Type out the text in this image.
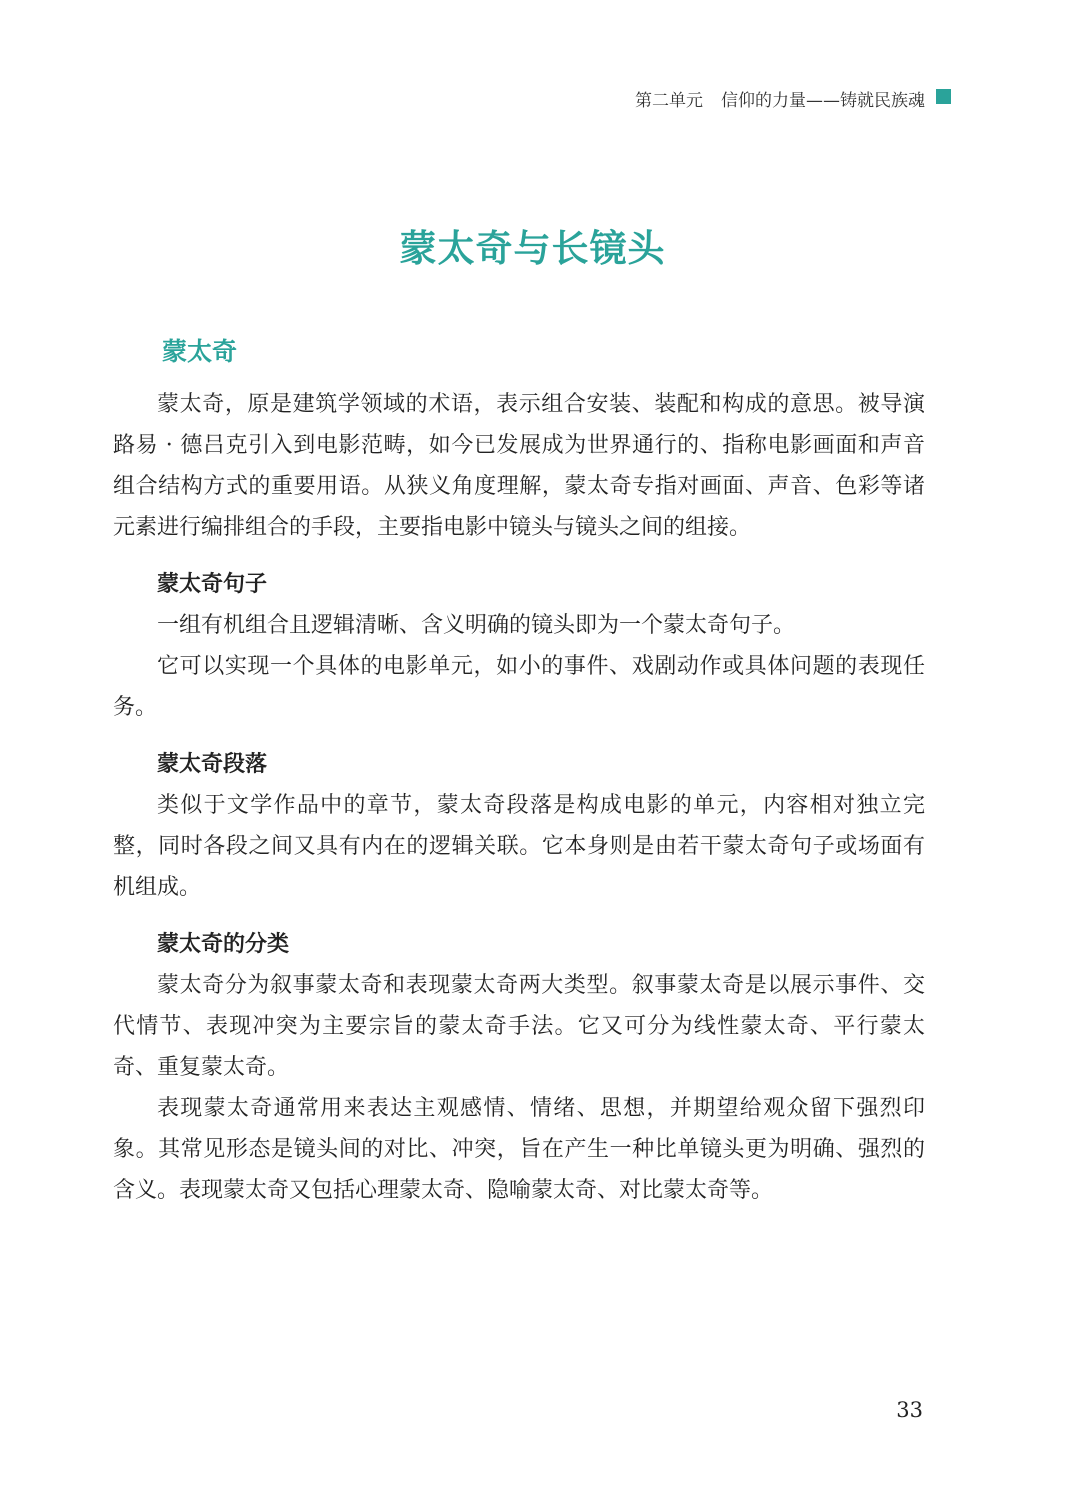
第二单元 信仰的力量——铸就民族魂
蒙太奇与长镜头
蒙太奇

蒙太奇，原是建筑学领域的术语，表示组合安装、装配和构成的意思。被导演路易 · 德吕克引入到电影范畴，如今已发展成为世界通行的、指称电影画面和声音组合结构方式的重要用语。从狭义角度理解，蒙太奇专指对画面、声音、色彩等诸元素进行编排组合的手段，主要指电影中镜头与镜头之间的组接。

蒙太奇句子

一组有机组合且逻辑清晰、含义明确的镜头即为一个蒙太奇句子。

它可以实现一个具体的电影单元，如小的事件、戏剧动作或具体问题的表现任务。

蒙太奇段落

类似于文学作品中的章节，蒙太奇段落是构成电影的单元，内容相对独立完整，同时各段之间又具有内在的逻辑关联。它本身则是由若干蒙太奇句子或场面有机组成。

蒙太奇的分类

蒙太奇分为叙事蒙太奇和表现蒙太奇两大类型。叙事蒙太奇是以展示事件、交代情节、表现冲突为主要宗旨的蒙太奇手法。它又可分为线性蒙太奇、平行蒙太奇、重复蒙太奇。

表现蒙太奇通常用来表达主观感情、情绪、思想，并期望给观众留下强烈印象。其常见形态是镜头间的对比、冲突，旨在产生一种比单镜头更为明确、强烈的含义。表现蒙太奇又包括心理蒙太奇、隐喻蒙太奇、对比蒙太奇等。

33
